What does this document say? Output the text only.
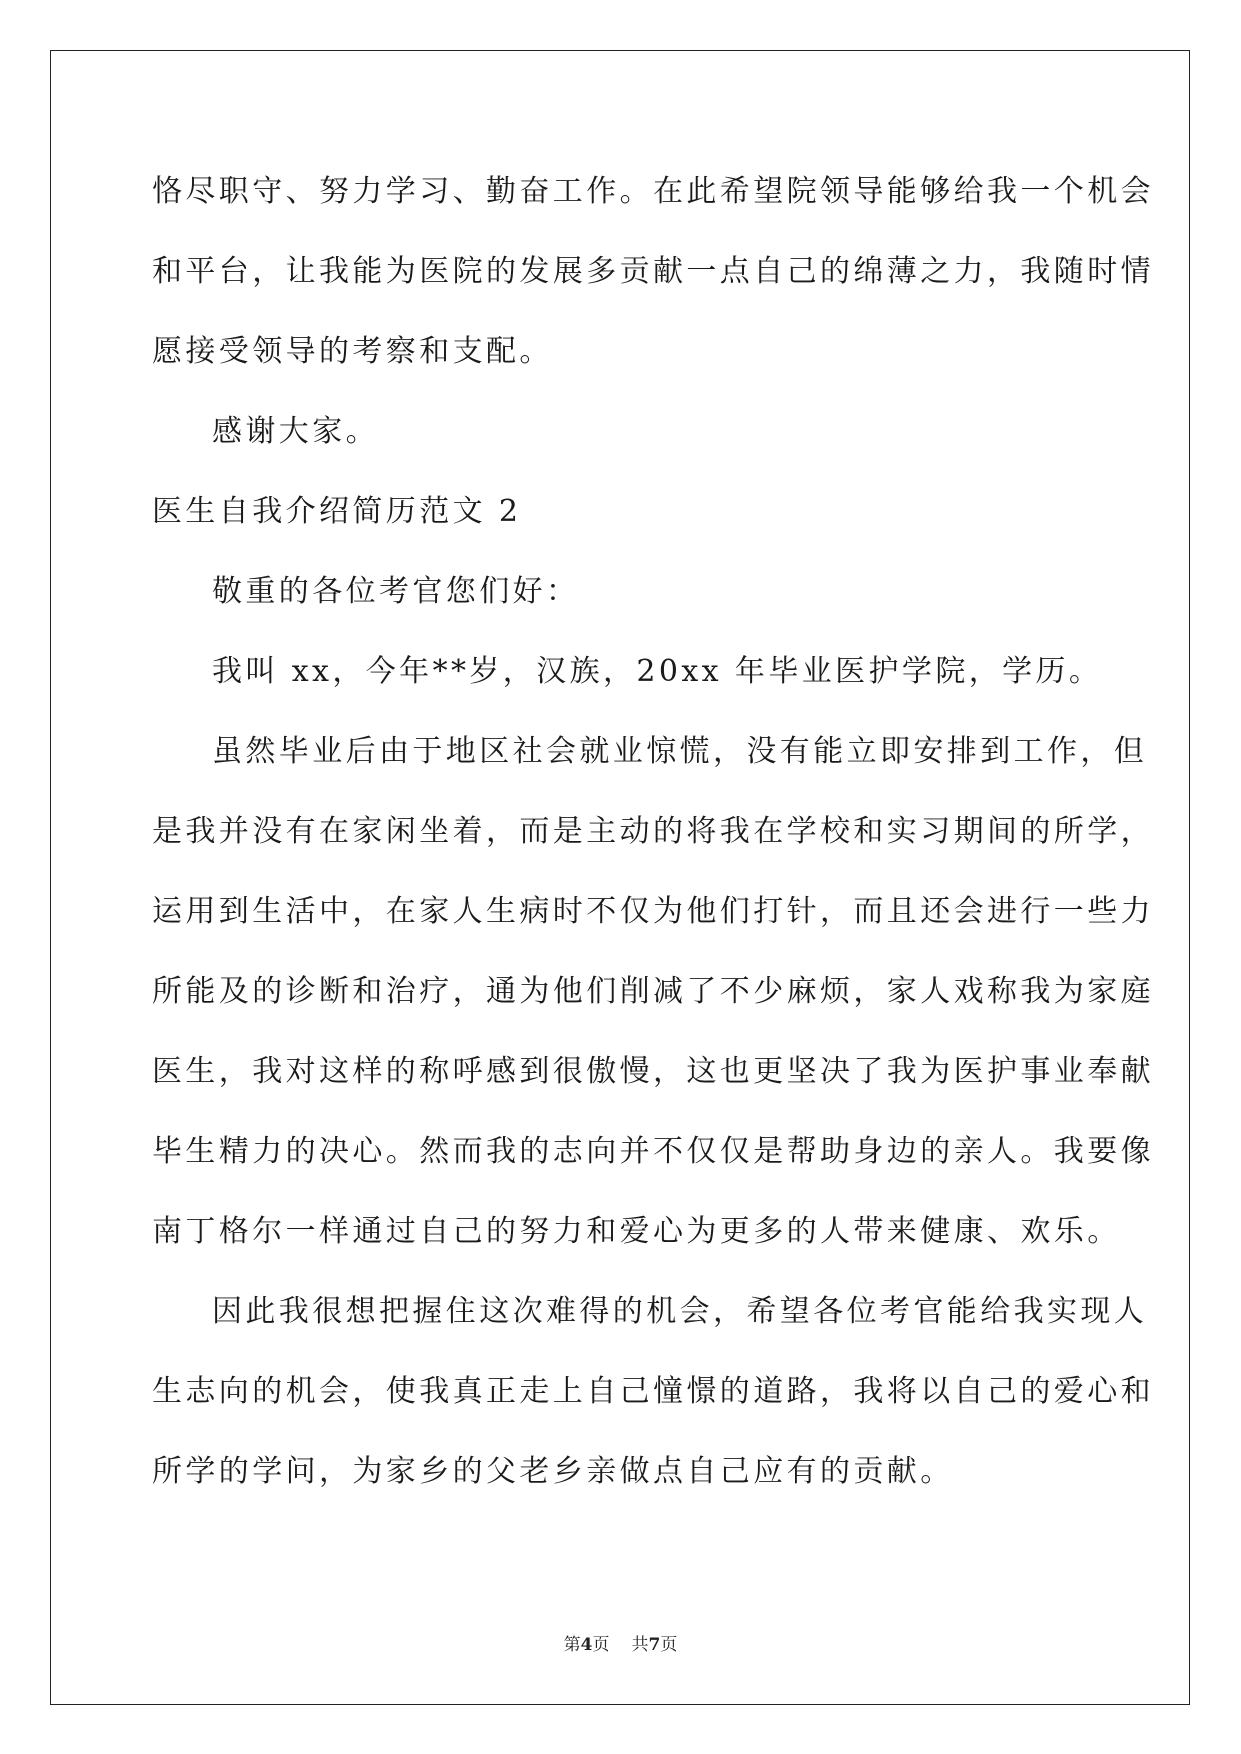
恪尽职守、努力学习、勤奋工作。在此希望院领导能够给我一个机会
和平台，让我能为医院的发展多贡献一点自己的绵薄之力，我随时情
愿接受领导的考察和支配。
感谢大家。
医生自我介绍简历范文 2
敬重的各位考官您们好：
我叫 xx，今年**岁，汉族，20xx 年毕业医护学院，学历。
虽然毕业后由于地区社会就业惊慌，没有能立即安排到工作，但
是我并没有在家闲坐着，而是主动的将我在学校和实习期间的所学，
运用到生活中，在家人生病时不仅为他们打针，而且还会进行一些力
所能及的诊断和治疗，通为他们削减了不少麻烦，家人戏称我为家庭
医生，我对这样的称呼感到很傲慢，这也更坚决了我为医护事业奉献
毕生精力的决心。然而我的志向并不仅仅是帮助身边的亲人。我要像
南丁格尔一样通过自己的努力和爱心为更多的人带来健康、欢乐。
因此我很想把握住这次难得的机会，希望各位考官能给我实现人
生志向的机会，使我真正走上自己憧憬的道路，我将以自己的爱心和
所学的学问，为家乡的父老乡亲做点自己应有的贡献。
第4页 共7页
